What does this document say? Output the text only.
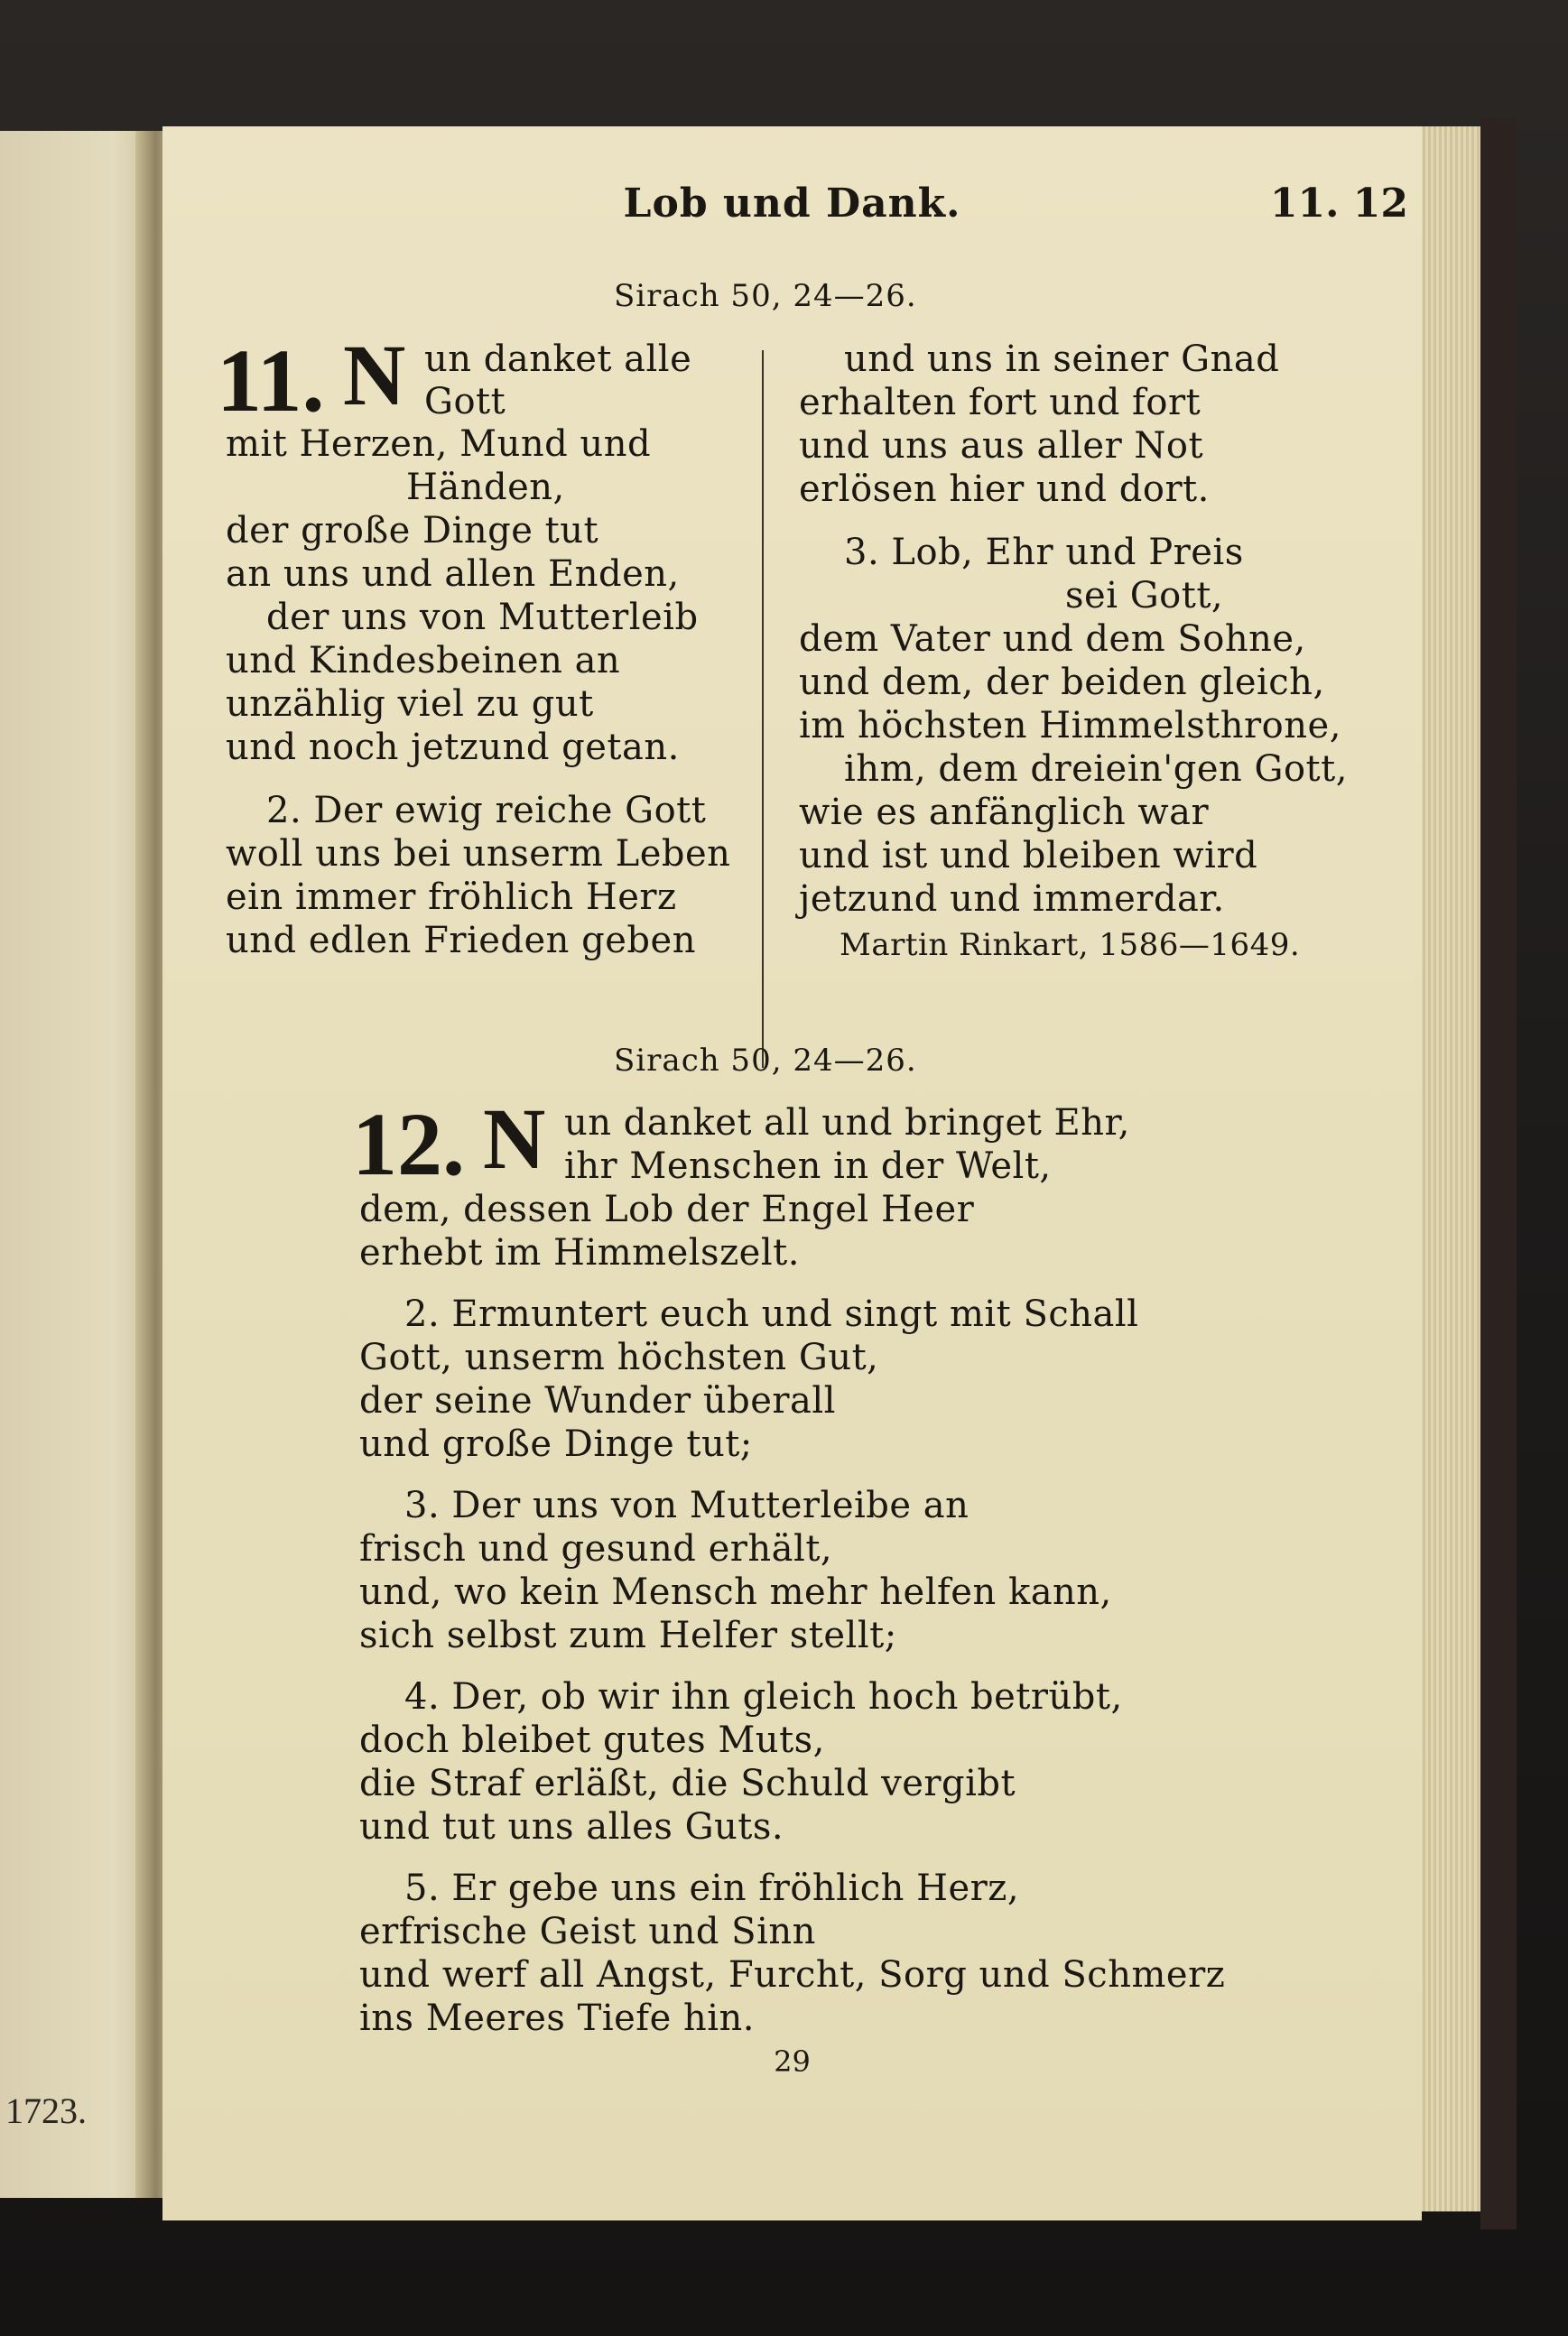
1723.
Lob und Dank.	11. 12
Sirach 50, 24—26.
11. N un danket alle
Gott
mit Herzen, Mund und
Händen,
der große Dinge tut
an uns und allen Enden,
der uns von Mutterleib
und Kindesbeinen an
unzählig viel zu gut
und noch jetzund getan.
2. Der ewig reiche Gott
woll uns bei unserm Leben
ein immer fröhlich Herz
und edlen Frieden geben
und uns in seiner Gnad
erhalten fort und fort
und uns aus aller Not
erlösen hier und dort.
3. Lob, Ehr und Preis
sei Gott,
dem Vater und dem Sohne,
und dem, der beiden gleich,
im höchsten Himmelsthrone,
ihm, dem dreiein'gen Gott,
wie es anfänglich war
und ist und bleiben wird
jetzund und immerdar.
Martin Rinkart, 1586—1649.
Sirach 50, 24—26.
12. N un danket all und bringet Ehr,
ihr Menschen in der Welt,
dem, dessen Lob der Engel Heer
erhebt im Himmelszelt.
2. Ermuntert euch und singt mit Schall
Gott, unserm höchsten Gut,
der seine Wunder überall
und große Dinge tut;
3. Der uns von Mutterleibe an
frisch und gesund erhält,
und, wo kein Mensch mehr helfen kann,
sich selbst zum Helfer stellt;
4. Der, ob wir ihn gleich hoch betrübt,
doch bleibet gutes Muts,
die Straf erläßt, die Schuld vergibt
und tut uns alles Guts.
5. Er gebe uns ein fröhlich Herz,
erfrische Geist und Sinn
und werf all Angst, Furcht, Sorg und Schmerz
ins Meeres Tiefe hin.
29
